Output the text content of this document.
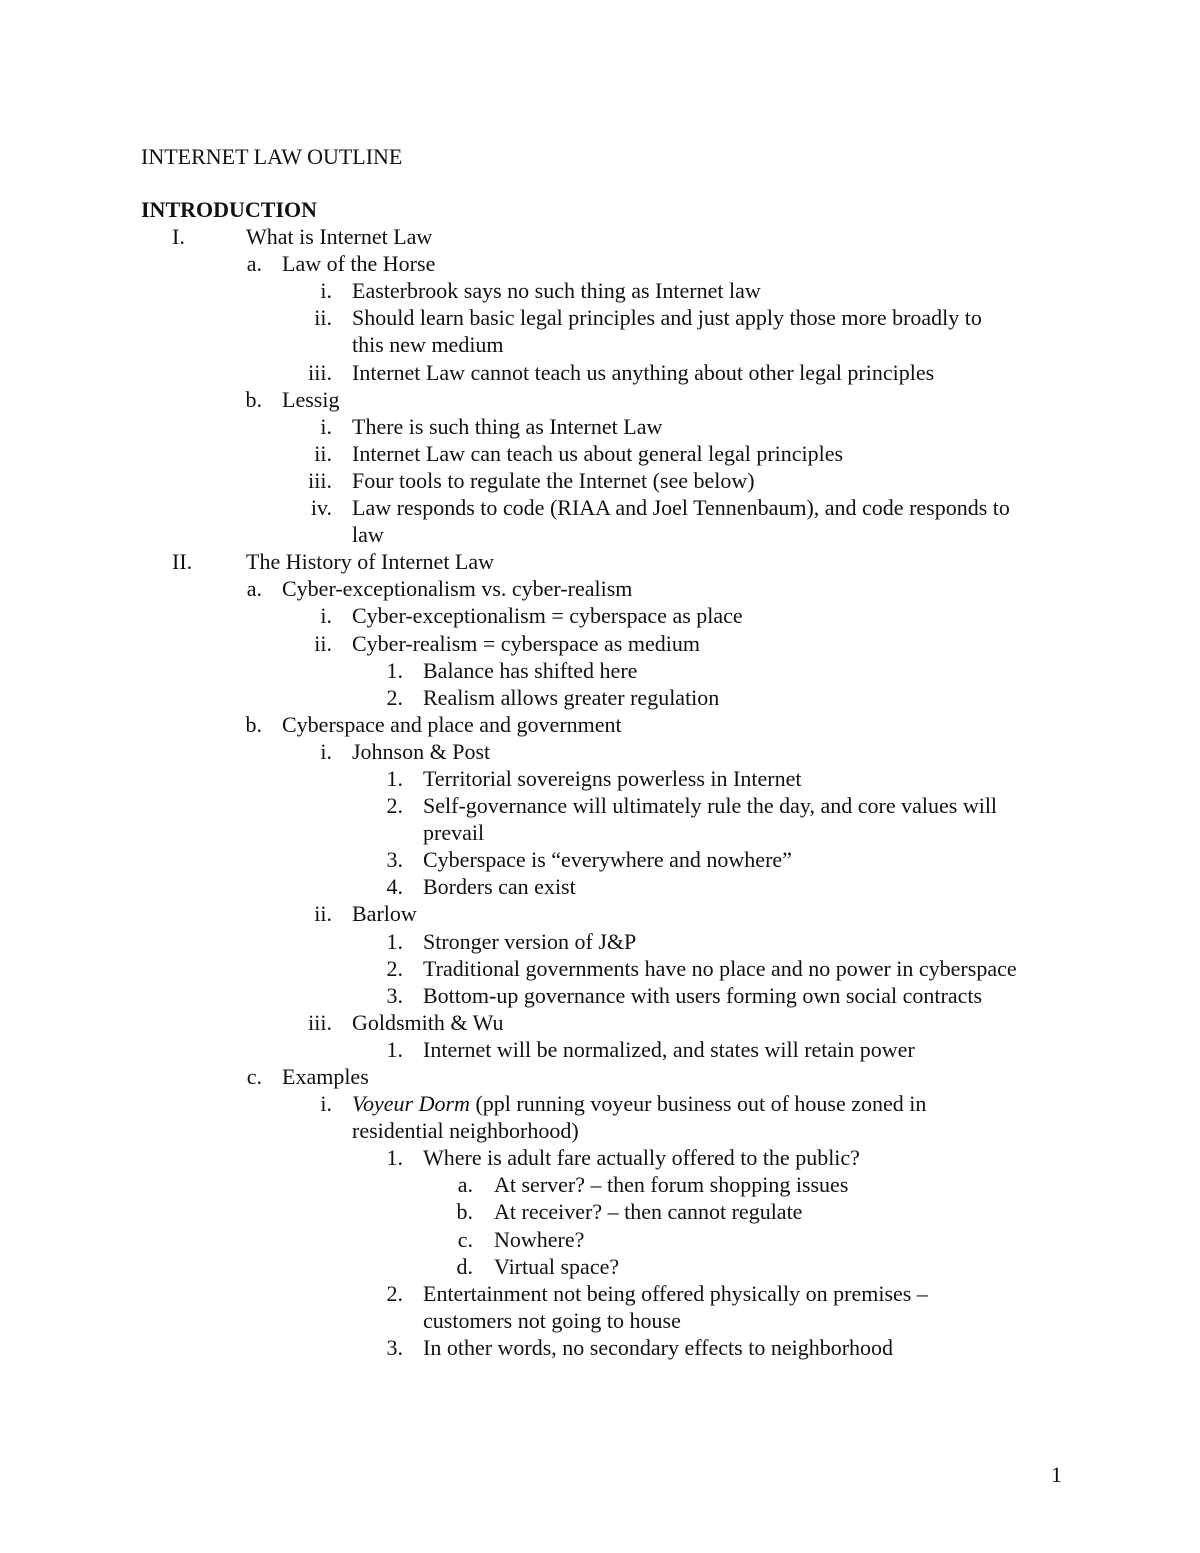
INTERNET LAW OUTLINE
INTRODUCTION
I.	What is Internet Law
a. Law of the Horse
i. Easterbrook says no such thing as Internet law
ii. Should learn basic legal principles and just apply those more broadly to
this new medium
iii. Internet Law cannot teach us anything about other legal principles
b. Lessig
i. There is such thing as Internet Law
ii. Internet Law can teach us about general legal principles
iii. Four tools to regulate the Internet (see below)
iv. Law responds to code (RIAA and Joel Tennenbaum), and code responds to
law
II.	The History of Internet Law
a. Cyber-exceptionalism vs. cyber-realism
i. Cyber-exceptionalism = cyberspace as place
ii. Cyber-realism = cyberspace as medium
1. Balance has shifted here
2. Realism allows greater regulation
b. Cyberspace and place and government
i. Johnson & Post
1. Territorial sovereigns powerless in Internet
2. Self-governance will ultimately rule the day, and core values will
prevail
3. Cyberspace is “everywhere and nowhere”
4. Borders can exist
ii. Barlow
1. Stronger version of J&P
2. Traditional governments have no place and no power in cyberspace
3. Bottom-up governance with users forming own social contracts
iii. Goldsmith & Wu
1. Internet will be normalized, and states will retain power
c. Examples
i. Voyeur Dorm (ppl running voyeur business out of house zoned in
residential neighborhood)
1. Where is adult fare actually offered to the public?
a. At server? – then forum shopping issues
b. At receiver? – then cannot regulate
c. Nowhere?
d. Virtual space?
2. Entertainment not being offered physically on premises –
customers not going to house
3. In other words, no secondary effects to neighborhood
1
